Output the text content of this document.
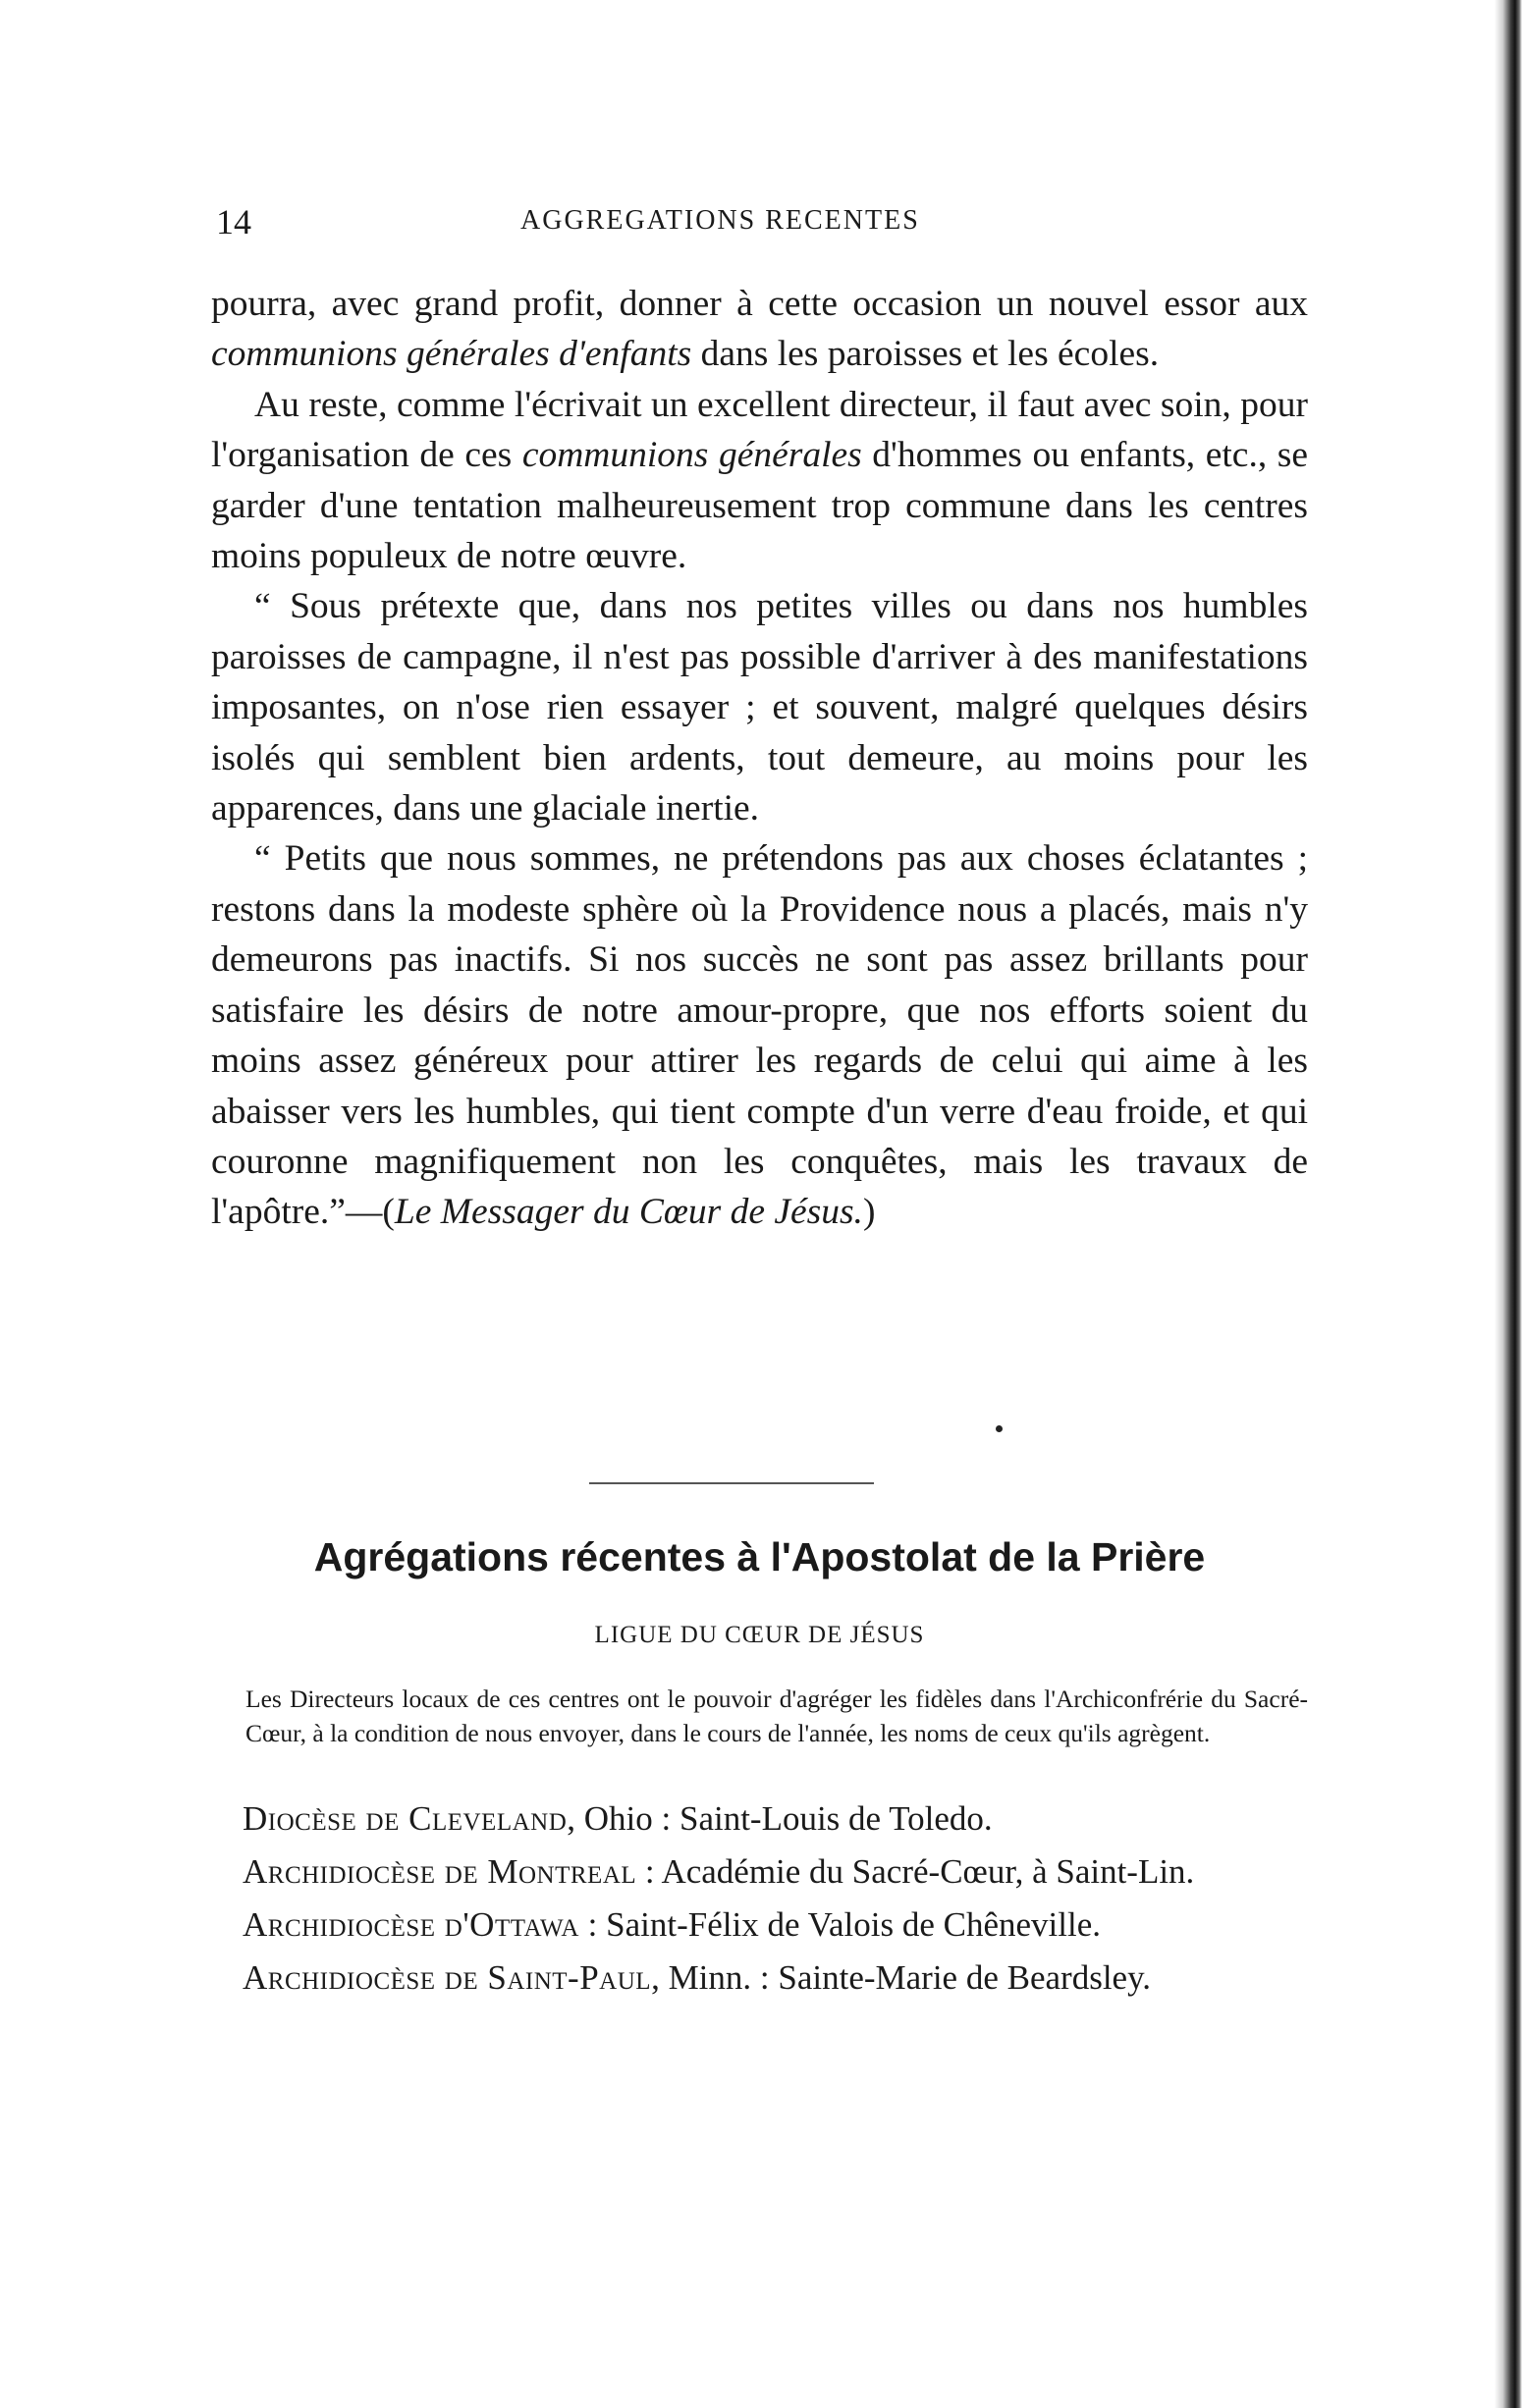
14	AGGREGATIONS RECENTES

pourra, avec grand profit, donner à cette occasion un nouvel essor aux communions générales d'enfants dans les paroisses et les écoles.

Au reste, comme l'écrivait un excellent directeur, il faut avec soin, pour l'organisation de ces communions générales d'hommes ou enfants, etc., se garder d'une tentation malheureusement trop commune dans les centres moins populeux de notre œuvre.

“ Sous prétexte que, dans nos petites villes ou dans nos humbles paroisses de campagne, il n'est pas possible d'arriver à des manifestations imposantes, on n'ose rien essayer ; et souvent, malgré quelques désirs isolés qui semblent bien ardents, tout demeure, au moins pour les apparences, dans une glaciale inertie.

“ Petits que nous sommes, ne prétendons pas aux choses éclatantes ; restons dans la modeste sphère où la Providence nous a placés, mais n'y demeurons pas inactifs. Si nos succès ne sont pas assez brillants pour satisfaire les désirs de notre amour-propre, que nos efforts soient du moins assez généreux pour attirer les regards de celui qui aime à les abaisser vers les humbles, qui tient compte d'un verre d'eau froide, et qui couronne magnifiquement non les conquêtes, mais les travaux de l'apôtre.”—(Le Messager du Cœur de Jésus.)

Agrégations récentes à l'Apostolat de la Prière
LIGUE DU CŒUR DE JÉSUS

Les Directeurs locaux de ces centres ont le pouvoir d'agréger les fidèles dans l'Archiconfrérie du Sacré-Cœur, à la condition de nous envoyer, dans le cours de l'année, les noms de ceux qu'ils agrègent.

Diocèse de Cleveland, Ohio : Saint-Louis de Toledo.

Archidiocèse de Montreal : Académie du Sacré-Cœur, à Saint-Lin.

Archidiocèse d'Ottawa : Saint-Félix de Valois de Chêneville.

Archidiocèse de Saint-Paul, Minn. : Sainte-Marie de Beardsley.
